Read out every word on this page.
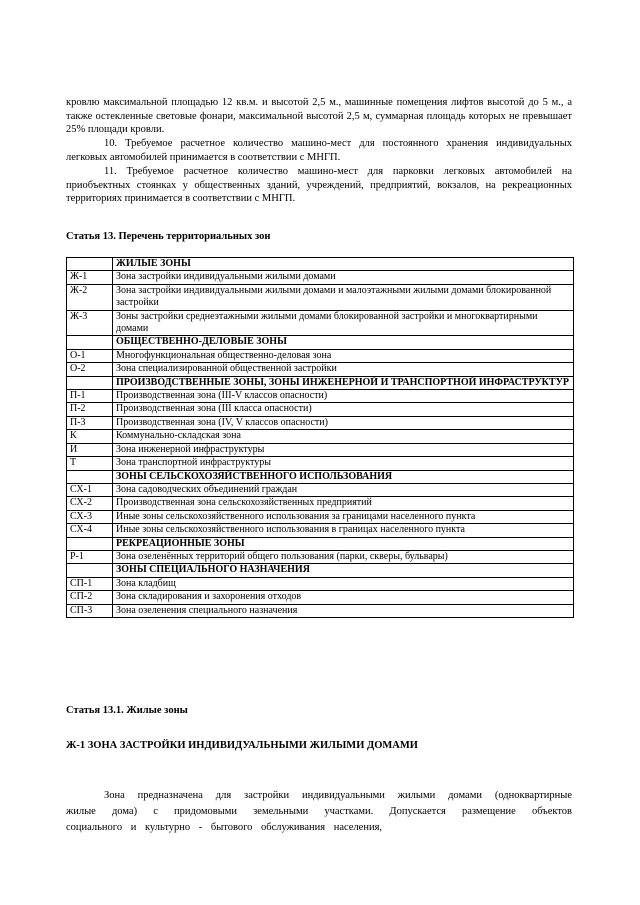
кровлю максимальной площадью 12 кв.м. и высотой 2,5 м., машинные помещения лифтов высотой до 5 м., а также остекленные световые фонари, максимальной высотой 2,5 м, суммарная площадь которых не превышает 25% площади кровли.

10. Требуемое расчетное количество машино-мест для постоянного хранения индивидуальных легковых автомобилей принимается в соответствии с МНГП.

11. Требуемое расчетное количество машино-мест для парковки легковых автомобилей на приобъектных стоянках у общественных зданий, учреждений, предприятий, вокзалов, на рекреационных территориях принимается в соответствии с МНГП.

Статья 13. Перечень территориальных зон

	ЖИЛЫЕ ЗОНЫ
Ж-1	Зона застройки индивидуальными жилыми домами
Ж-2	Зона застройки индивидуальными жилыми домами и малоэтажными жилыми домами блокированной застройки
Ж-3	Зоны застройки среднеэтажными жилыми домами блокированной застройки и многоквартирными домами
	ОБЩЕСТВЕННО-ДЕЛОВЫЕ ЗОНЫ
О-1	Многофункциональная общественно-деловая зона
О-2	Зона специализированной общественной застройки
	ПРОИЗВОДСТВЕННЫЕ ЗОНЫ, ЗОНЫ ИНЖЕНЕРНОЙ И ТРАНСПОРТНОЙ ИНФРАСТРУКТУР
П-1	Производственная зона (III-V классов опасности)
П-2	Производственная зона (III класса опасности)
П-3	Производственная зона (IV, V классов опасности)
К	Коммунально-складская зона
И	Зона инженерной инфраструктуры
Т	Зона транспортной инфраструктуры
	ЗОНЫ СЕЛЬСКОХОЗЯЙСТВЕННОГО ИСПОЛЬЗОВАНИЯ
СХ-1	Зона садоводческих объединений граждан
СХ-2	Производственная зона сельскохозяйственных предприятий
СХ-3	Иные зоны сельскохозяйственного использования за границами населенного пункта
СХ-4	Иные зоны сельскохозяйственного использования в границах населенного пункта
	РЕКРЕАЦИОННЫЕ ЗОНЫ
Р-1	Зона озеленённых территорий общего пользования (парки, скверы, бульвары)
	ЗОНЫ СПЕЦИАЛЬНОГО НАЗНАЧЕНИЯ
СП-1	Зона кладбищ
СП-2	Зона складирования и захоронения отходов
СП-3	Зона озеленения специального назначения

Статья 13.1. Жилые зоны

Ж-1 ЗОНА ЗАСТРОЙКИ ИНДИВИДУАЛЬНЫМИ ЖИЛЫМИ ДОМАМИ

Зона предназначена для застройки индивидуальными жилыми домами (одноквартирные жилые дома) с придомовыми земельными участками. Допускается размещение объектов социального и культурно - бытового обслуживания населения,
